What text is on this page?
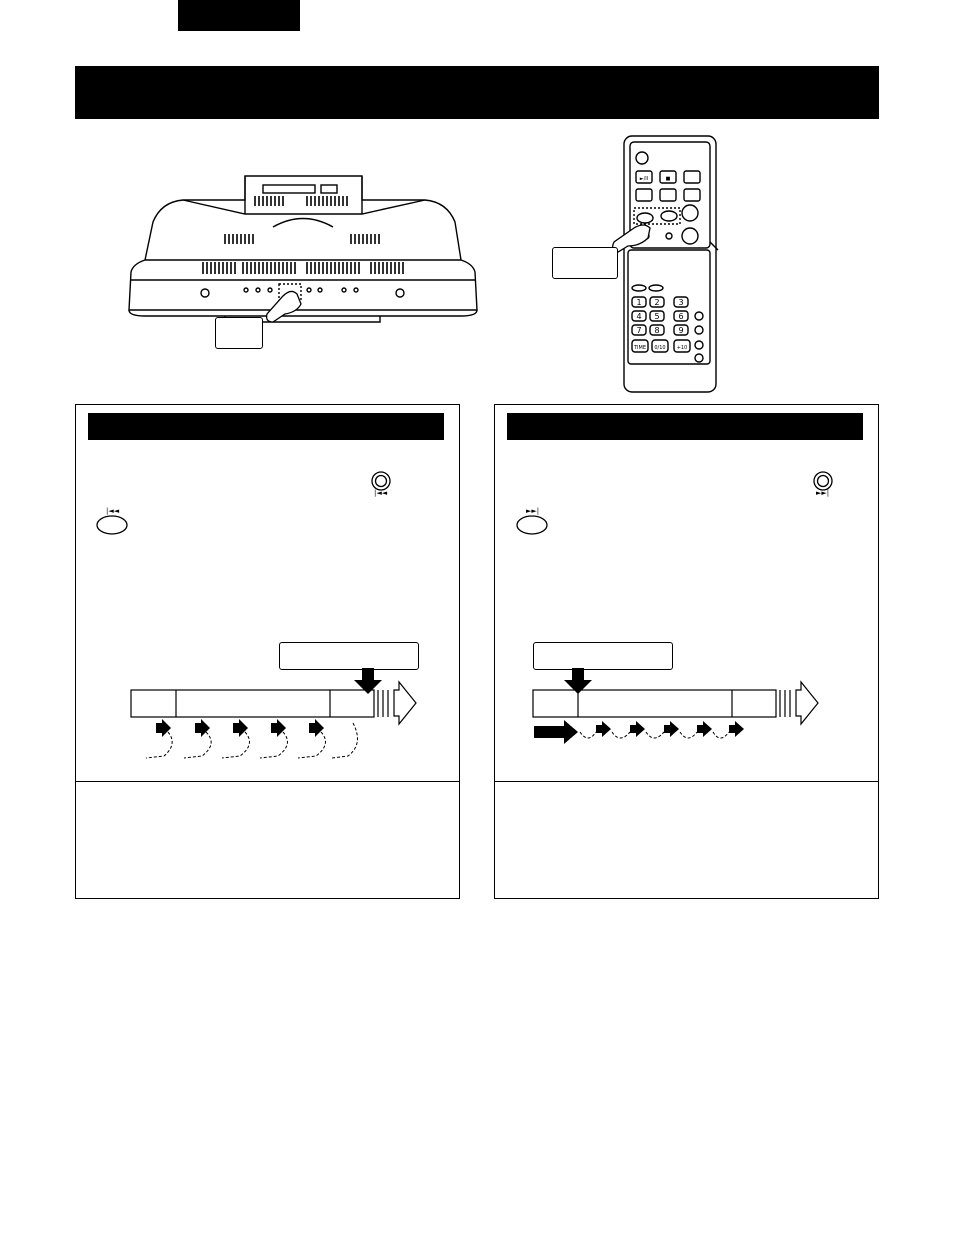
1 2 3
4 5 6
7 8 9
TIME 0/10 +10
►/II	■
|◄◄
|◄◄
►►|
►►|
